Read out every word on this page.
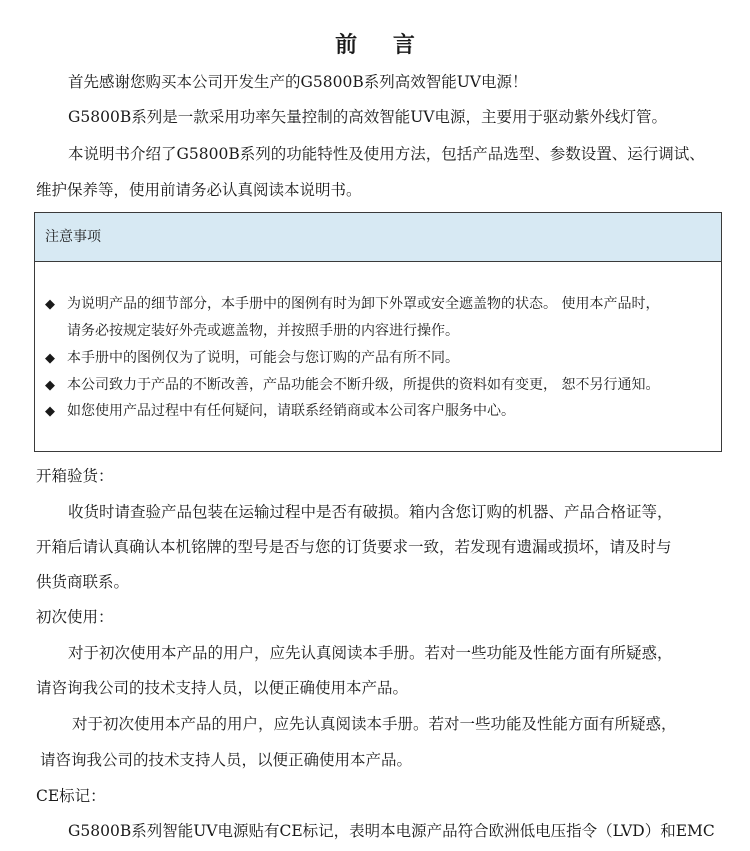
前 言
首先感谢您购买本公司开发生产的G5800B系列高效智能UV电源！
G5800B系列是一款采用功率矢量控制的高效智能UV电源，主要用于驱动紫外线灯管。
本说明书介绍了G5800B系列的功能特性及使用方法，包括产品选型、参数设置、运行调试、
维护保养等，使用前请务必认真阅读本说明书。
注意事项
◆ 为说明产品的细节部分，本手册中的图例有时为卸下外罩或安全遮盖物的状态。 使用本产品时，
请务必按规定装好外壳或遮盖物，并按照手册的内容进行操作。
◆ 本手册中的图例仅为了说明，可能会与您订购的产品有所不同。
◆ 本公司致力于产品的不断改善，产品功能会不断升级，所提供的资料如有变更， 恕不另行通知。
◆ 如您使用产品过程中有任何疑问，请联系经销商或本公司客户服务中心。
开箱验货：
收货时请查验产品包装在运输过程中是否有破损。箱内含您订购的机器、产品合格证等，
开箱后请认真确认本机铭牌的型号是否与您的订货要求一致，若发现有遗漏或损坏，请及时与
供货商联系。
初次使用：
对于初次使用本产品的用户，应先认真阅读本手册。若对一些功能及性能方面有所疑惑，
请咨询我公司的技术支持人员，以便正确使用本产品。
对于初次使用本产品的用户，应先认真阅读本手册。若对一些功能及性能方面有所疑惑，
请咨询我公司的技术支持人员，以便正确使用本产品。
CE标记：
G5800B系列智能UV电源贴有CE标记，表明本电源产品符合欧洲低电压指令（LVD）和EMC
